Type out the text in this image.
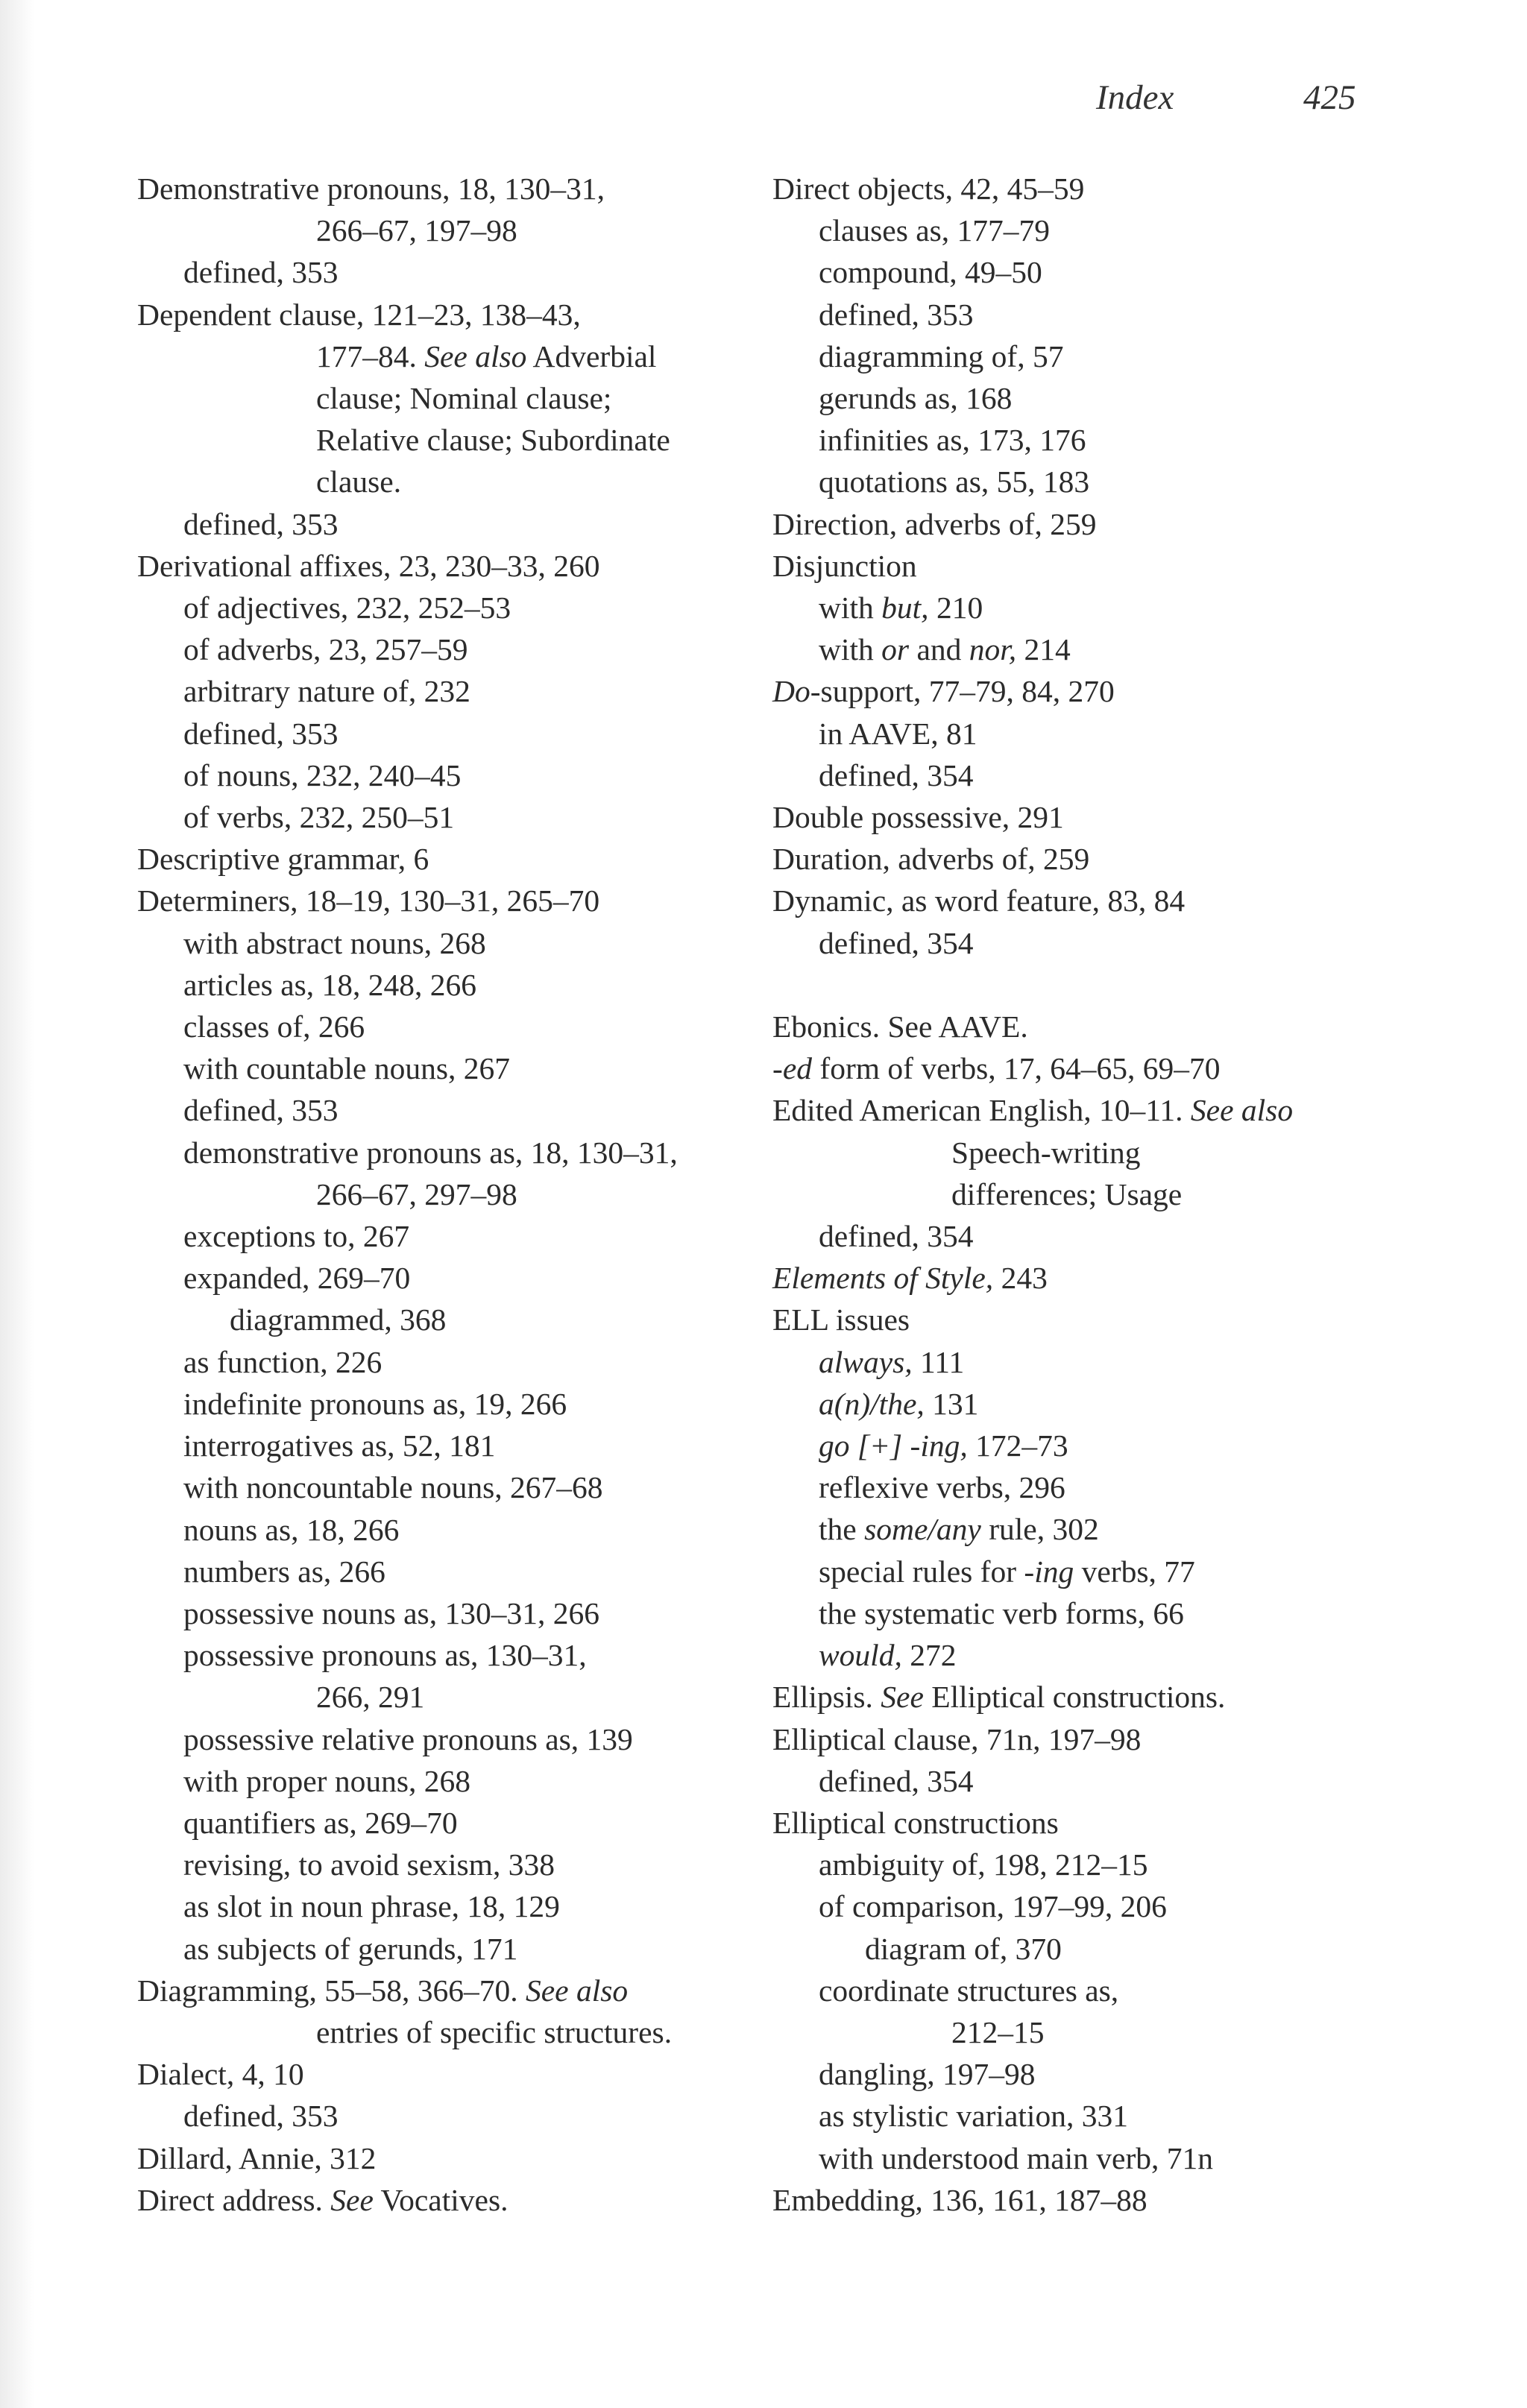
Index	425
Demonstrative pronouns, 18, 130–31,
266–67, 197–98
defined, 353
Dependent clause, 121–23, 138–43,
177–84. See also Adverbial
clause; Nominal clause;
Relative clause; Subordinate
clause.
defined, 353
Derivational affixes, 23, 230–33, 260
of adjectives, 232, 252–53
of adverbs, 23, 257–59
arbitrary nature of, 232
defined, 353
of nouns, 232, 240–45
of verbs, 232, 250–51
Descriptive grammar, 6
Determiners, 18–19, 130–31, 265–70
with abstract nouns, 268
articles as, 18, 248, 266
classes of, 266
with countable nouns, 267
defined, 353
demonstrative pronouns as, 18, 130–31,
266–67, 297–98
exceptions to, 267
expanded, 269–70
diagrammed, 368
as function, 226
indefinite pronouns as, 19, 266
interrogatives as, 52, 181
with noncountable nouns, 267–68
nouns as, 18, 266
numbers as, 266
possessive nouns as, 130–31, 266
possessive pronouns as, 130–31,
266, 291
possessive relative pronouns as, 139
with proper nouns, 268
quantifiers as, 269–70
revising, to avoid sexism, 338
as slot in noun phrase, 18, 129
as subjects of gerunds, 171
Diagramming, 55–58, 366–70. See also
entries of specific structures.
Dialect, 4, 10
defined, 353
Dillard, Annie, 312
Direct address. See Vocatives.
Direct objects, 42, 45–59
clauses as, 177–79
compound, 49–50
defined, 353
diagramming of, 57
gerunds as, 168
infinities as, 173, 176
quotations as, 55, 183
Direction, adverbs of, 259
Disjunction
with but, 210
with or and nor, 214
Do-support, 77–79, 84, 270
in AAVE, 81
defined, 354
Double possessive, 291
Duration, adverbs of, 259
Dynamic, as word feature, 83, 84
defined, 354
Ebonics. See AAVE.
-ed form of verbs, 17, 64–65, 69–70
Edited American English, 10–11. See also
Speech-writing
differences; Usage
defined, 354
Elements of Style, 243
ELL issues
always, 111
a(n)/the, 131
go [+] -ing, 172–73
reflexive verbs, 296
the some/any rule, 302
special rules for -ing verbs, 77
the systematic verb forms, 66
would, 272
Ellipsis. See Elliptical constructions.
Elliptical clause, 71n, 197–98
defined, 354
Elliptical constructions
ambiguity of, 198, 212–15
of comparison, 197–99, 206
diagram of, 370
coordinate structures as,
212–15
dangling, 197–98
as stylistic variation, 331
with understood main verb, 71n
Embedding, 136, 161, 187–88
